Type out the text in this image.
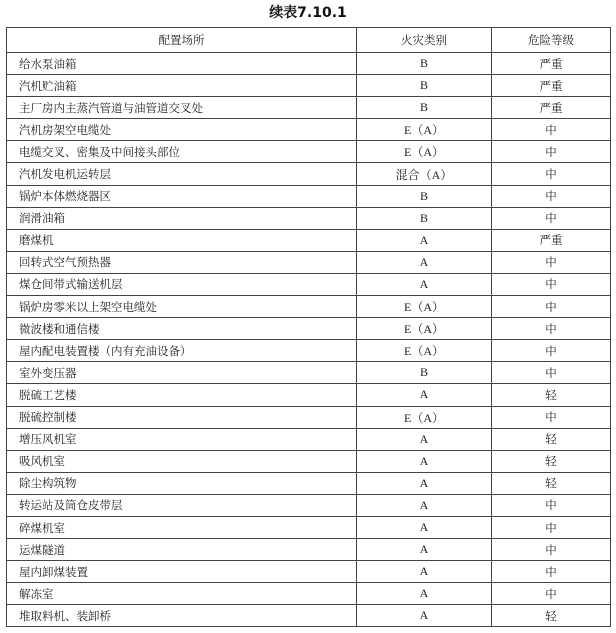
续表7.10.1
配置场所	火灾类别	危险等级
给水泵油箱	B	严重
汽机贮油箱	B	严重
主厂房内主蒸汽管道与油管道交叉处	B	严重
汽机房架空电缆处	E（A）	中
电缆交叉、密集及中间接头部位	E（A）	中
汽机发电机运转层	混合（A）	中
锅炉本体燃烧器区	B	中
润滑油箱	B	中
磨煤机	A	严重
回转式空气预热器	A	中
煤仓间带式输送机层	A	中
锅炉房零米以上架空电缆处	E（A）	中
微波楼和通信楼	E（A）	中
屋内配电装置楼（内有充油设备）	E（A）	中
室外变压器	B	中
脱硫工艺楼	A	轻
脱硫控制楼	E（A）	中
增压风机室	A	轻
吸风机室	A	轻
除尘构筑物	A	轻
转运站及筒仓皮带层	A	中
碎煤机室	A	中
运煤隧道	A	中
屋内卸煤装置	A	中
解冻室	A	中
堆取料机、装卸桥	A	轻
